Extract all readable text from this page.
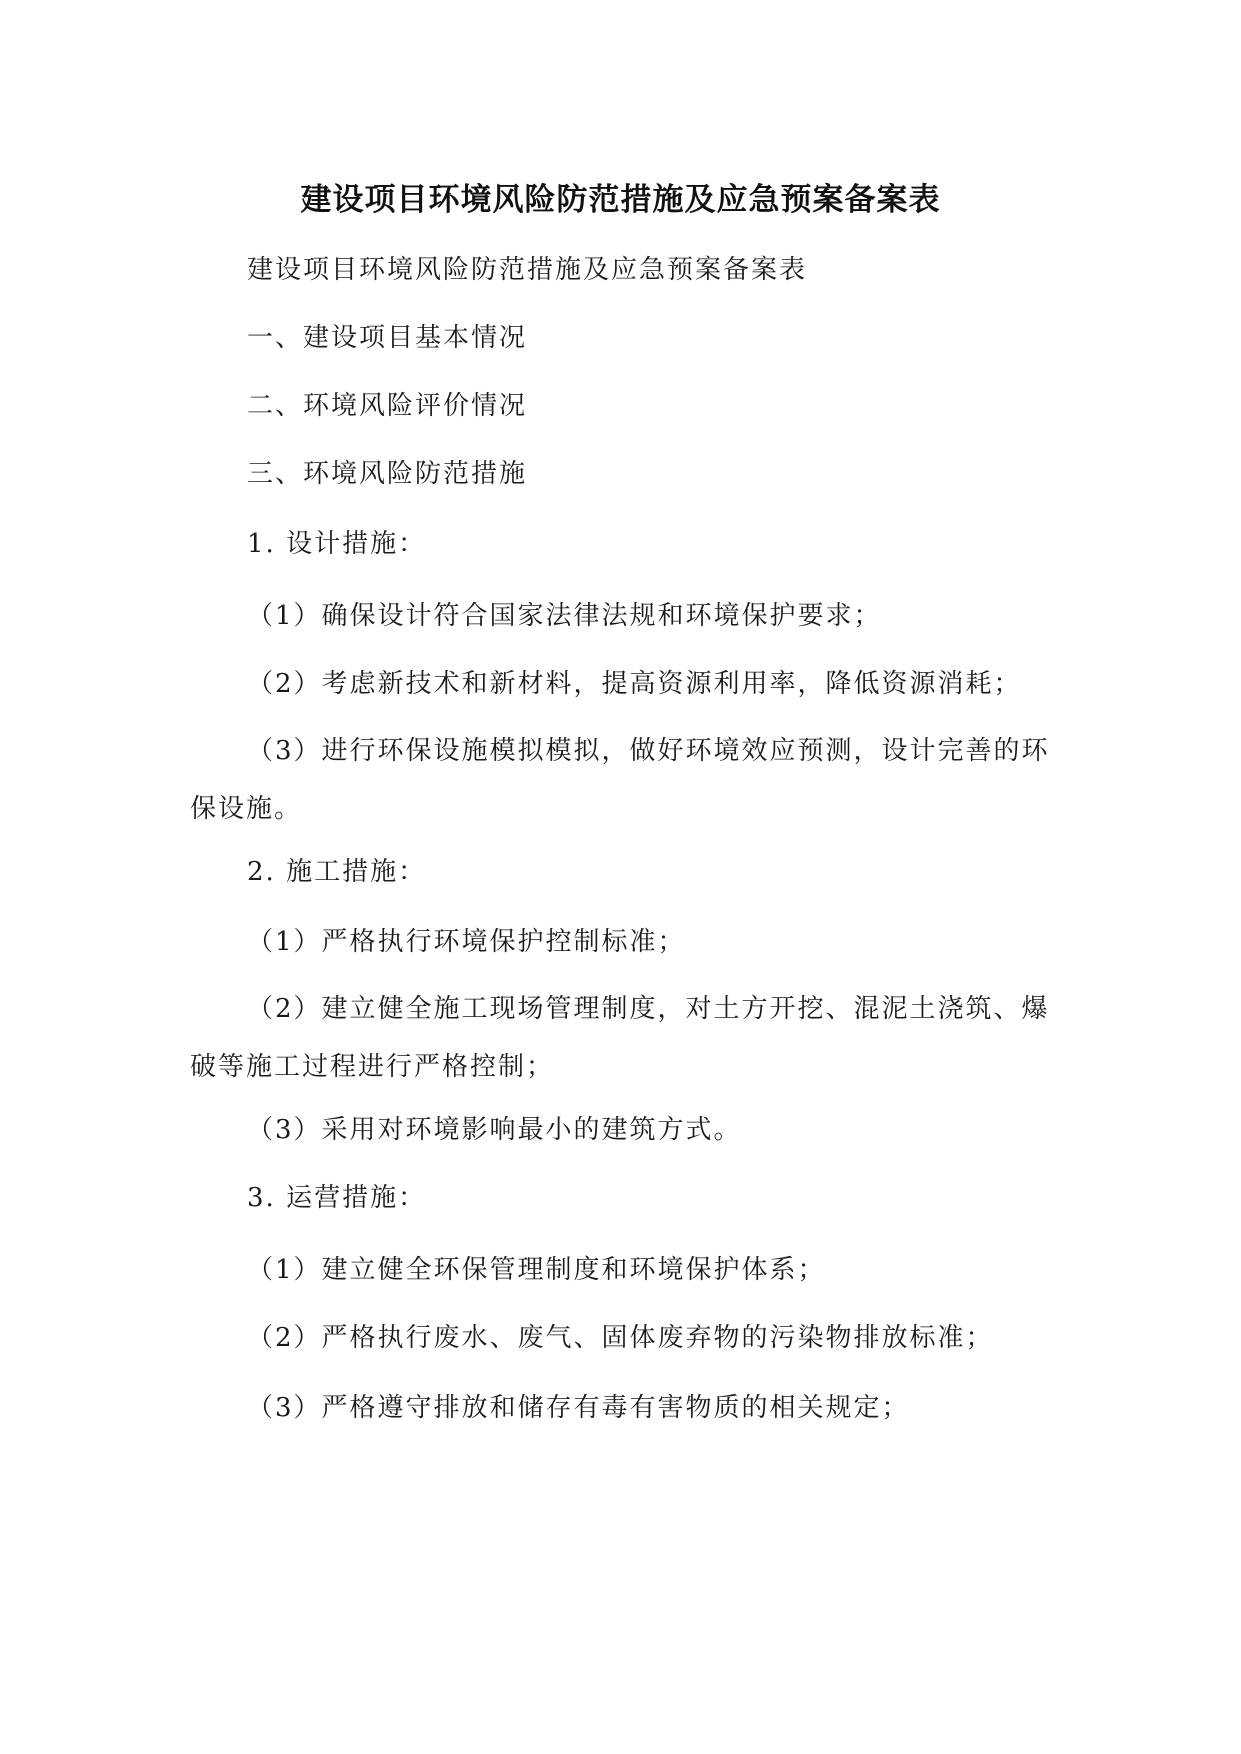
建设项目环境风险防范措施及应急预案备案表
建设项目环境风险防范措施及应急预案备案表
一、建设项目基本情况
二、环境风险评价情况
三、环境风险防范措施
1. 设计措施：
（1）确保设计符合国家法律法规和环境保护要求；
（2）考虑新技术和新材料，提高资源利用率，降低资源消耗；
（3）进行环保设施模拟模拟，做好环境效应预测，设计完善的环保设施。
2. 施工措施：
（1）严格执行环境保护控制标准；
（2）建立健全施工现场管理制度，对土方开挖、混泥土浇筑、爆破等施工过程进行严格控制；
（3）采用对环境影响最小的建筑方式。
3. 运营措施：
（1）建立健全环保管理制度和环境保护体系；
（2）严格执行废水、废气、固体废弃物的污染物排放标准；
（3）严格遵守排放和储存有毒有害物质的相关规定；
